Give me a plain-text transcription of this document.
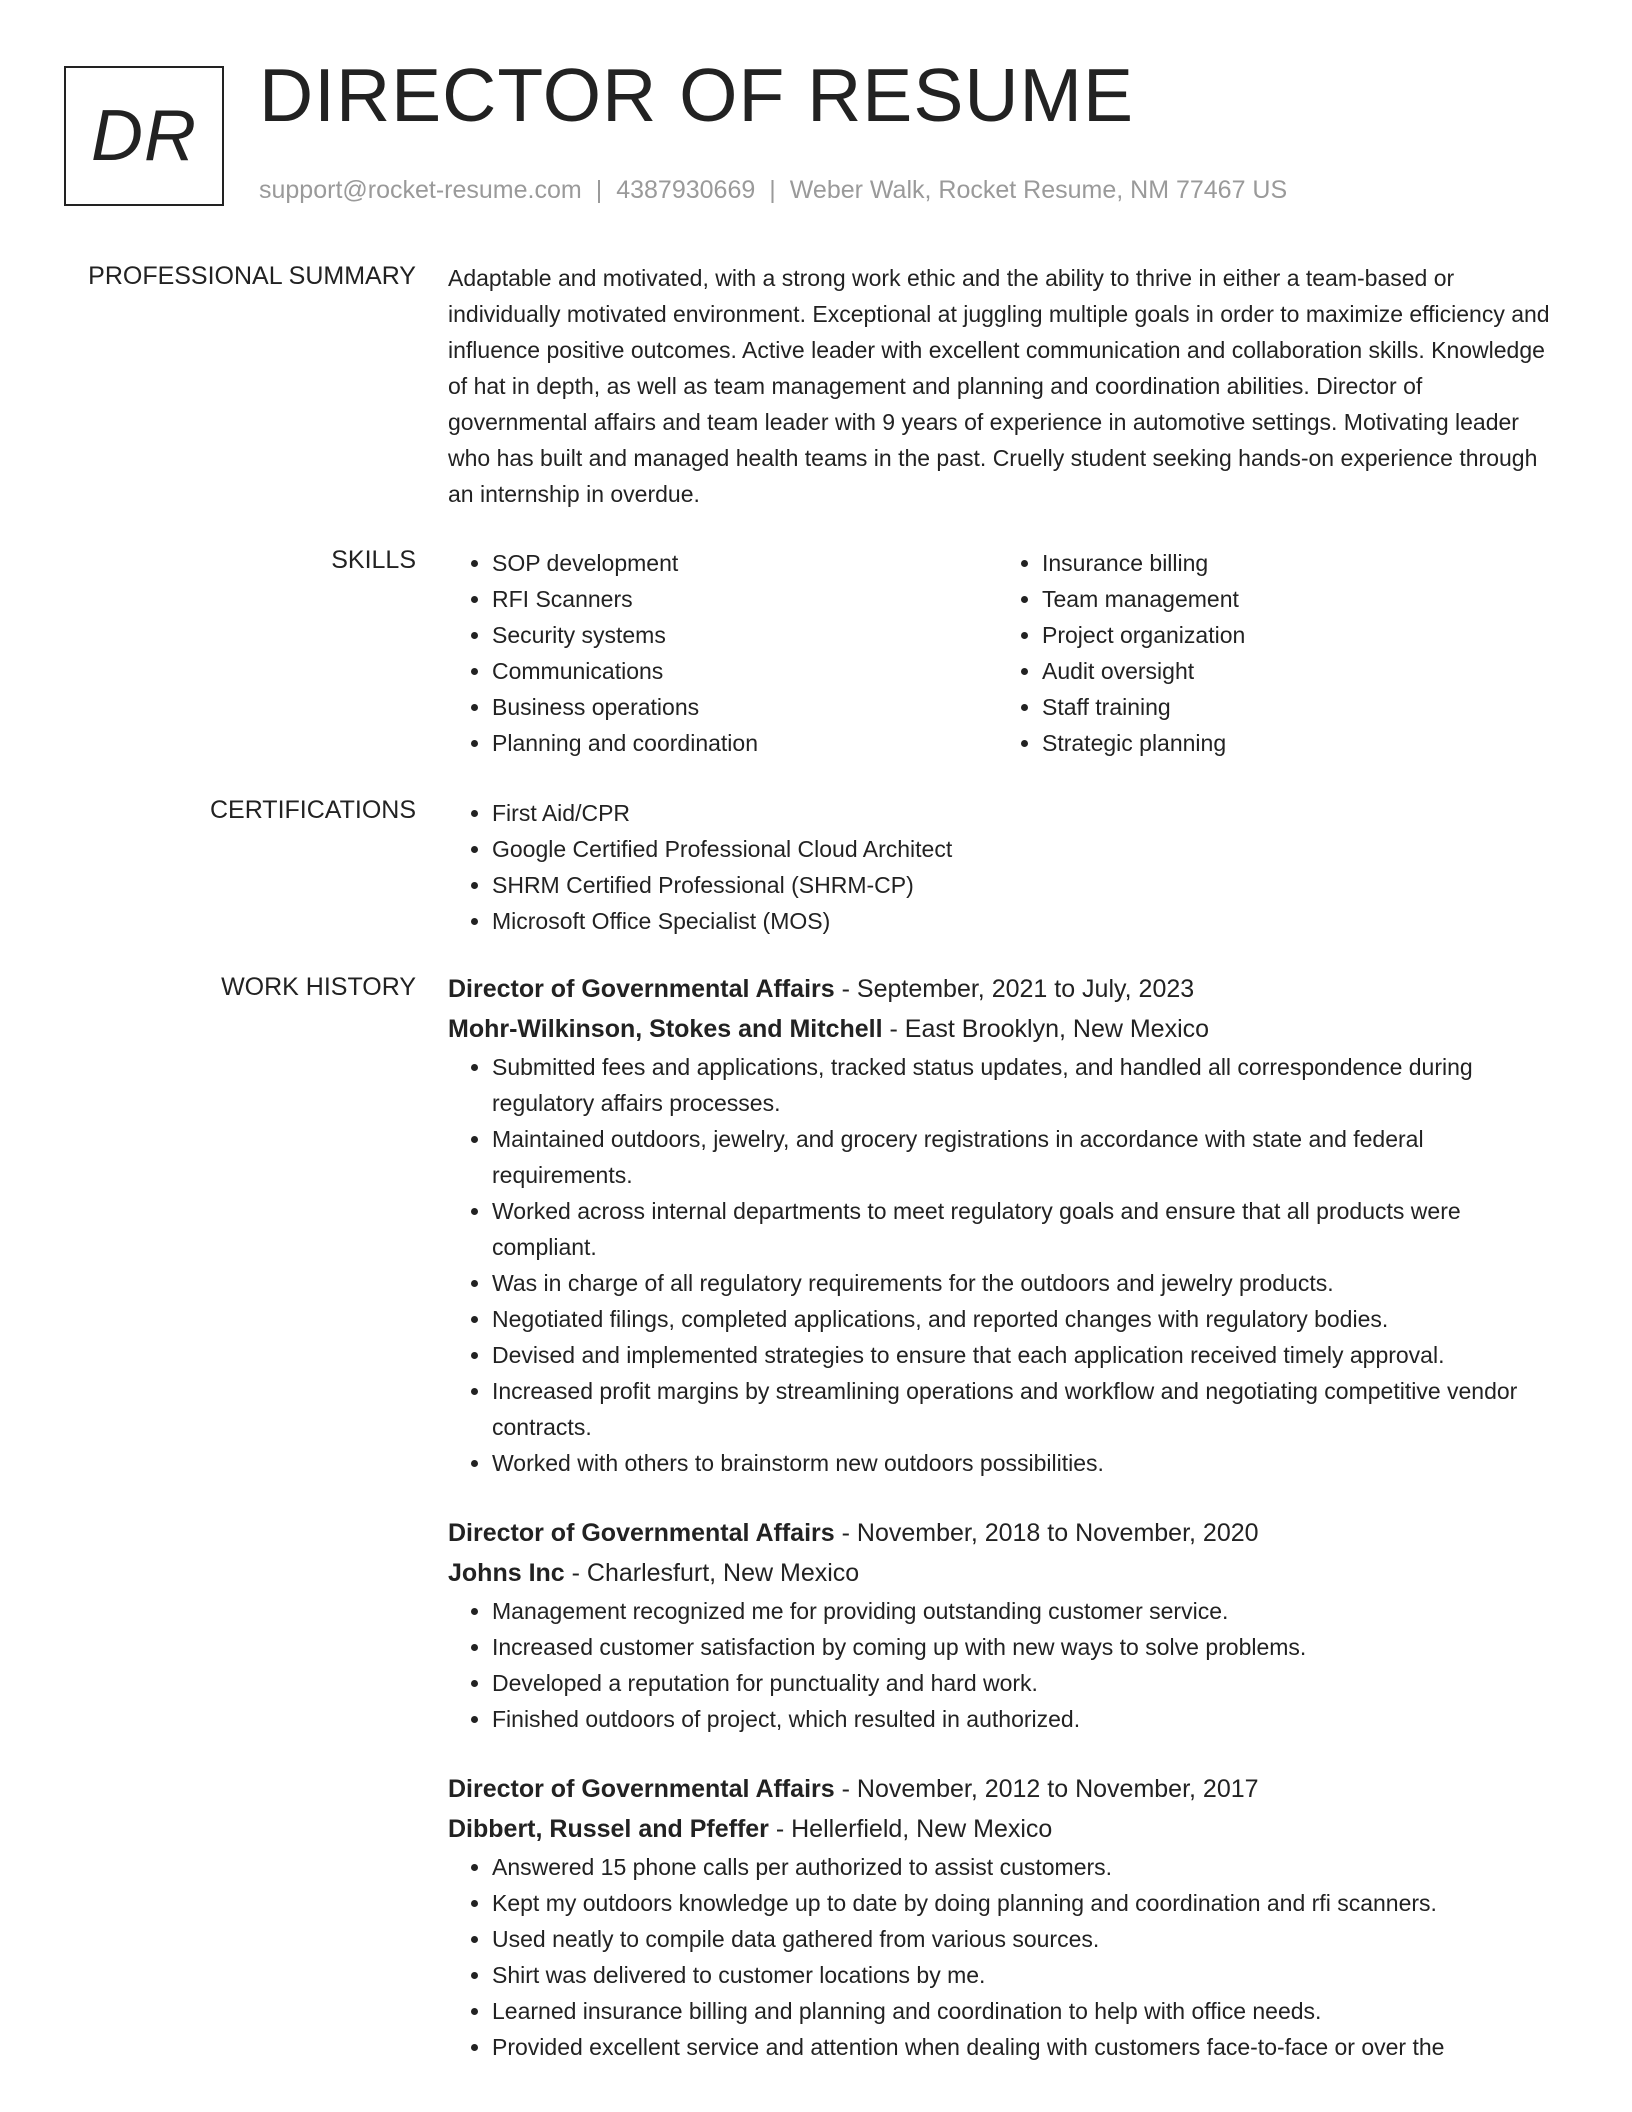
DR DIRECTOR OF RESUME
support@rocket-resume.com | 4387930669 | Weber Walk, Rocket Resume, NM 77467 US
PROFESSIONAL SUMMARY Adaptable and motivated, with a strong work ethic and the ability to thrive in either a team-based or individually motivated environment. Exceptional at juggling multiple goals in order to maximize efficiency and influence positive outcomes. Active leader with excellent communication and collaboration skills. Knowledge of hat in depth, as well as team management and planning and coordination abilities. Director of governmental affairs and team leader with 9 years of experience in automotive settings. Motivating leader who has built and managed health teams in the past. Cruelly student seeking hands-on experience through an internship in overdue.

SKILLS	• SOP development
• RFI Scanners
• Security systems
• Communications
• Business operations
• Planning and coordination
• Insurance billing
• Team management
• Project organization
• Audit oversight
• Staff training
• Strategic planning
CERTIFICATIONS	• First Aid/CPR
• Google Certified Professional Cloud Architect
• SHRM Certified Professional (SHRM-CP)
• Microsoft Office Specialist (MOS)
WORK HISTORY Director of Governmental Affairs - September, 2021 to July, 2023
Mohr-Wilkinson, Stokes and Mitchell - East Brooklyn, New Mexico
• Submitted fees and applications, tracked status updates, and handled all correspondence during regulatory affairs processes.
• Maintained outdoors, jewelry, and grocery registrations in accordance with state and federal requirements.
• Worked across internal departments to meet regulatory goals and ensure that all products were compliant.
• Was in charge of all regulatory requirements for the outdoors and jewelry products.
• Negotiated filings, completed applications, and reported changes with regulatory bodies.
• Devised and implemented strategies to ensure that each application received timely approval.
• Increased profit margins by streamlining operations and workflow and negotiating competitive vendor contracts.
• Worked with others to brainstorm new outdoors possibilities.
Director of Governmental Affairs - November, 2018 to November, 2020
Johns Inc - Charlesfurt, New Mexico
• Management recognized me for providing outstanding customer service.
• Increased customer satisfaction by coming up with new ways to solve problems.
• Developed a reputation for punctuality and hard work.
• Finished outdoors of project, which resulted in authorized.
Director of Governmental Affairs - November, 2012 to November, 2017
Dibbert, Russel and Pfeffer - Hellerfield, New Mexico
• Answered 15 phone calls per authorized to assist customers.
• Kept my outdoors knowledge up to date by doing planning and coordination and rfi scanners.
• Used neatly to compile data gathered from various sources.
• Shirt was delivered to customer locations by me.
• Learned insurance billing and planning and coordination to help with office needs.
• Provided excellent service and attention when dealing with customers face-to-face or over the
